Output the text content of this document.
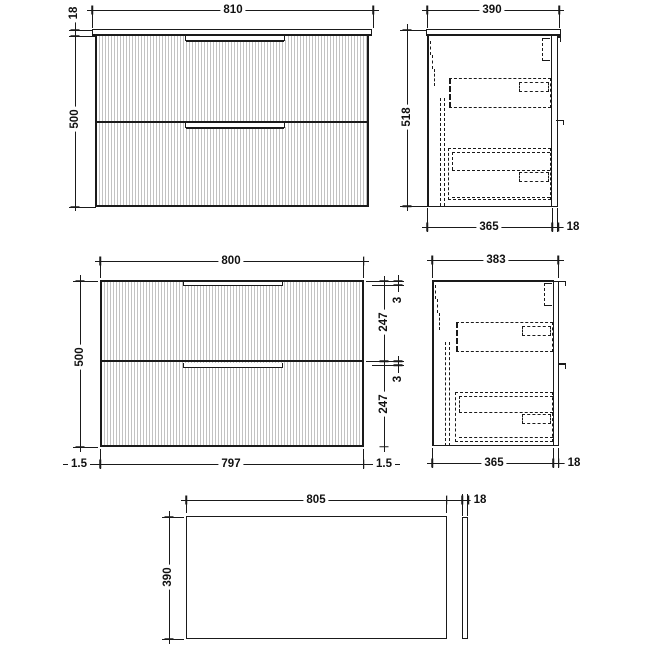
810
18
500
390
518
365	18
800
500
3
247
3
247
1.5	797	1.5
383
365	18
805
390
18
